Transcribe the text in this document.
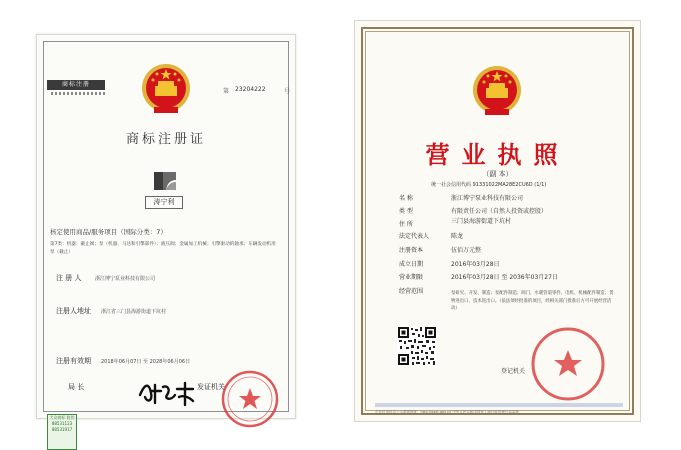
商标注册
第 23204222	号
商标注册证
涛宁利
核定使用商品/服务项目（国际分类：7）
第7类：机器；截止阀；泵（机器、马达和引擎部件）；液压阀；金属加工机械；引擎驱动的轴承；车辆发动机用泵（截止）
注 册 人	浙江博宁泵业科技有限公司
注册人地址 浙江省三门县海游街道下坑村
注册有效期 2018年06月07日 至 2028年06月06日
局 长	发证机关
大众商标 防伪 88531123 88531917
营业执照
（副 本）
统一社会信用代码 91331022MA28E2CU6D (1/1)
名 称	浙江博宁泵业科技有限公司
类 型	有限责任公司（自然人投资或控股）
住 所	三门县海游街道下坑村
法定代表人	陈龙
注册资本	伍佰万元整
成立日期	2016年03月28日
营业期限	2016年03月28日 至 2036年03月27日
经营范围	泵研究、开发、制造；泵配件制造；阀门、水暖管道零件、电机、机械配件制造；货物进出口、技术进出口。（依法须经批准的项目，经相关部门批准后方可开展经营活动）
登记机关
企业信用信息公示系统网址：http://gsxt.gov.cn 中华人民共和国国家工商行政管理总局监制
